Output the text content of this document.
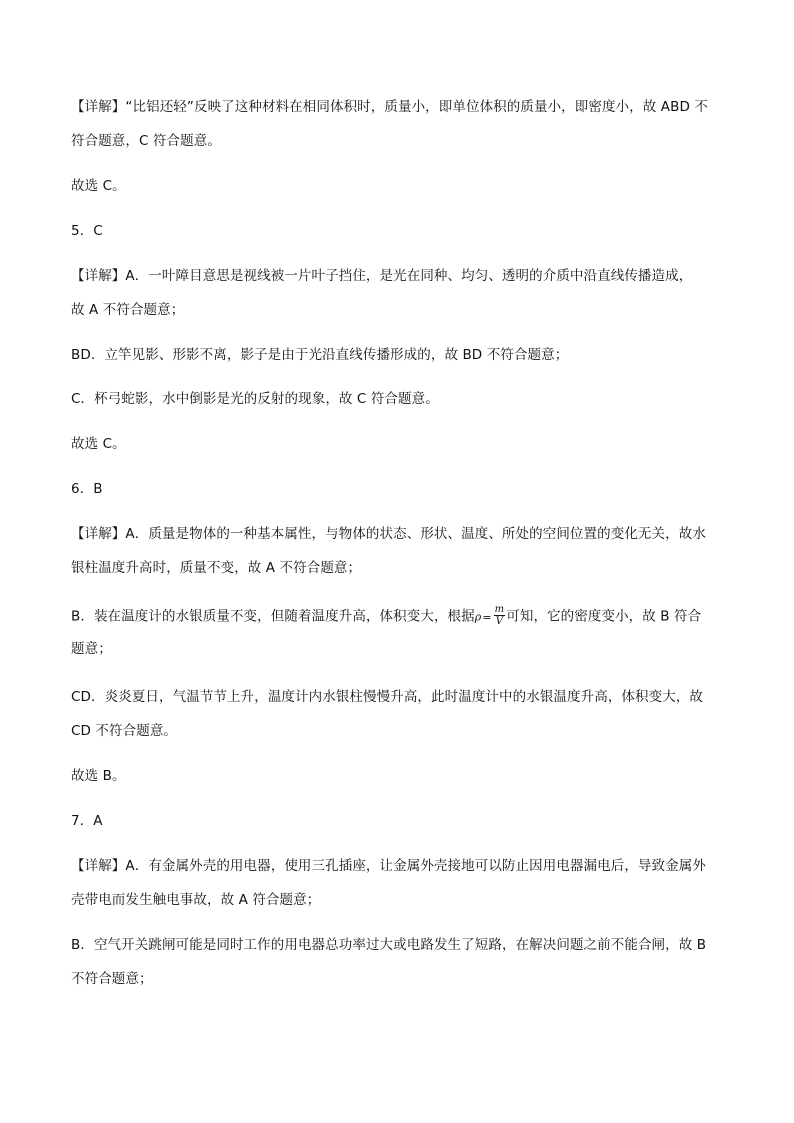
【详解】“比铝还轻”反映了这种材料在相同体积时，质量小，即单位体积的质量小，即密度小，故 ABD 不
符合题意，C 符合题意。
故选 C。
5．C
【详解】A．一叶障目意思是视线被一片叶子挡住，是光在同种、均匀、透明的介质中沿直线传播造成，
故 A 不符合题意；
BD．立竿见影、形影不离，影子是由于光沿直线传播形成的，故 BD 不符合题意；
C．杯弓蛇影，水中倒影是光的反射的现象，故 C 符合题意。
故选 C。
6．B
【详解】A．质量是物体的一种基本属性，与物体的状态、形状、温度、所处的空间位置的变化无关，故水
银柱温度升高时，质量不变，故 A 不符合题意；
B．装在温度计的水银质量不变，但随着温度升高，体积变大，根据$\rho= \frac{m}{V}$ 可知，它的密度变小，故 B 符合
题意；
CD．炎炎夏日，气温节节上升，温度计内水银柱慢慢升高，此时温度计中的水银温度升高，体积变大，故
CD 不符合题意。
故选 B。
7．A
【详解】A．有金属外壳的用电器，使用三孔插座，让金属外壳接地可以防止因用电器漏电后，导致金属外
壳带电而发生触电事故，故 A 符合题意；
B．空气开关跳闸可能是同时工作的用电器总功率过大或电路发生了短路，在解决问题之前不能合闸，故 B
不符合题意；
